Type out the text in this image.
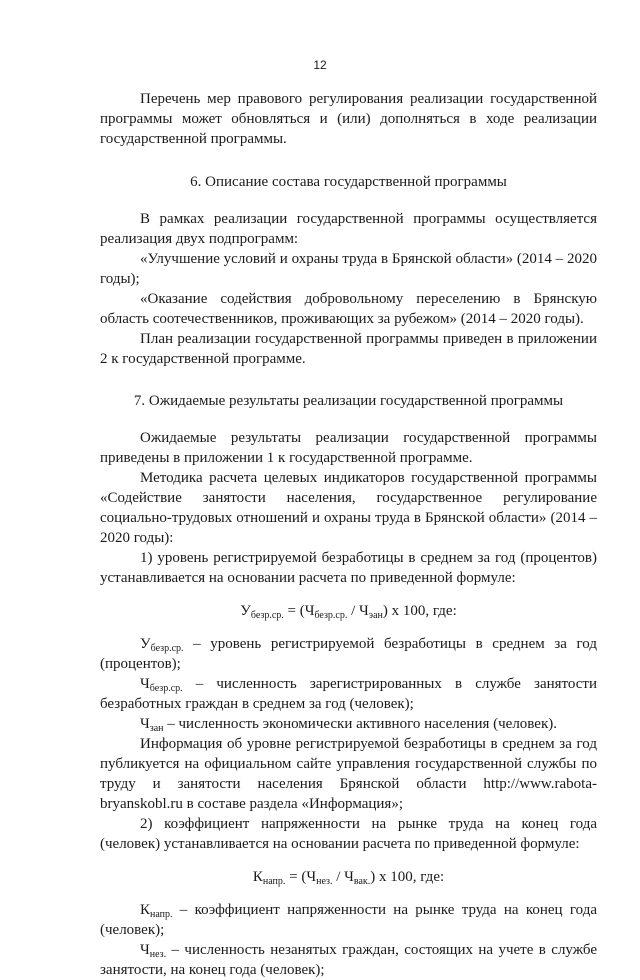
12

Перечень мер правового регулирования реализации государственной программы может обновляться и (или) дополняться в ходе реализации государственной программы.

6. Описание состава государственной программы

В рамках реализации государственной программы осуществляется реализация двух подпрограмм:

«Улучшение условий и охраны труда в Брянской области» (2014 – 2020 годы);

«Оказание содействия добровольному переселению в Брянскую область соотечественников, проживающих за рубежом» (2014 – 2020 годы).

План реализации государственной программы приведен в приложении 2 к государственной программе.

7. Ожидаемые результаты реализации государственной программы

Ожидаемые результаты реализации государственной программы приведены в приложении 1 к государственной программе.

Методика расчета целевых индикаторов государственной программы «Содействие занятости населения, государственное регулирование социально-трудовых отношений и охраны труда в Брянской области» (2014 – 2020 годы):

1) уровень регистрируемой безработицы в среднем за год (процентов) устанавливается на основании расчета по приведенной формуле:

$У_{безр.ср.} = (Ч_{безр.ср.} / Ч_{эан})$ х 100, где:

$У_{безр.ср.}$ – уровень регистрируемой безработицы в среднем за год (процентов);

$Ч_{безр.ср.}$ – численность зарегистрированных в службе занятости безработных граждан в среднем за год (человек);

$Ч_{зан}$ – численность экономически активного населения (человек).

Информация об уровне регистрируемой безработицы в среднем за год публикуется на официальном сайте управления государственной службы по труду и занятости населения Брянской области http://www.rabota-bryanskobl.ru в составе раздела «Информация»;

2) коэффициент напряженности на рынке труда на конец года (человек) устанавливается на основании расчета по приведенной формуле:

$К_{напр.} = (Ч_{нез.} / Ч_{вак.})$ х 100, где:

$К_{напр.}$ – коэффициент напряженности на рынке труда на конец года (человек);

$Ч_{нез.}$ – численность незанятых граждан, состоящих на учете в службе занятости, на конец года (человек);
